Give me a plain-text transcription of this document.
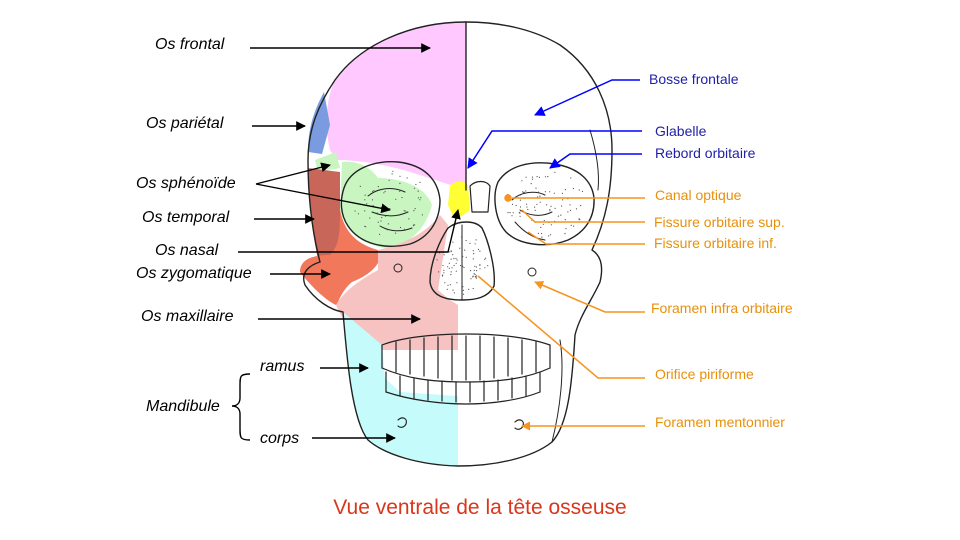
Os frontal
Os pariétal
Os sphénoïde
Os temporal
Os nasal
Os zygomatique
Os maxillaire
Mandibule
ramus
corps
Bosse frontale
Glabelle
Rebord orbitaire
Canal optique
Fissure orbitaire sup.
Fissure orbitaire inf.
Foramen infra orbitaire
Orifice piriforme
Foramen mentonnier
Vue ventrale de la tête osseuse
